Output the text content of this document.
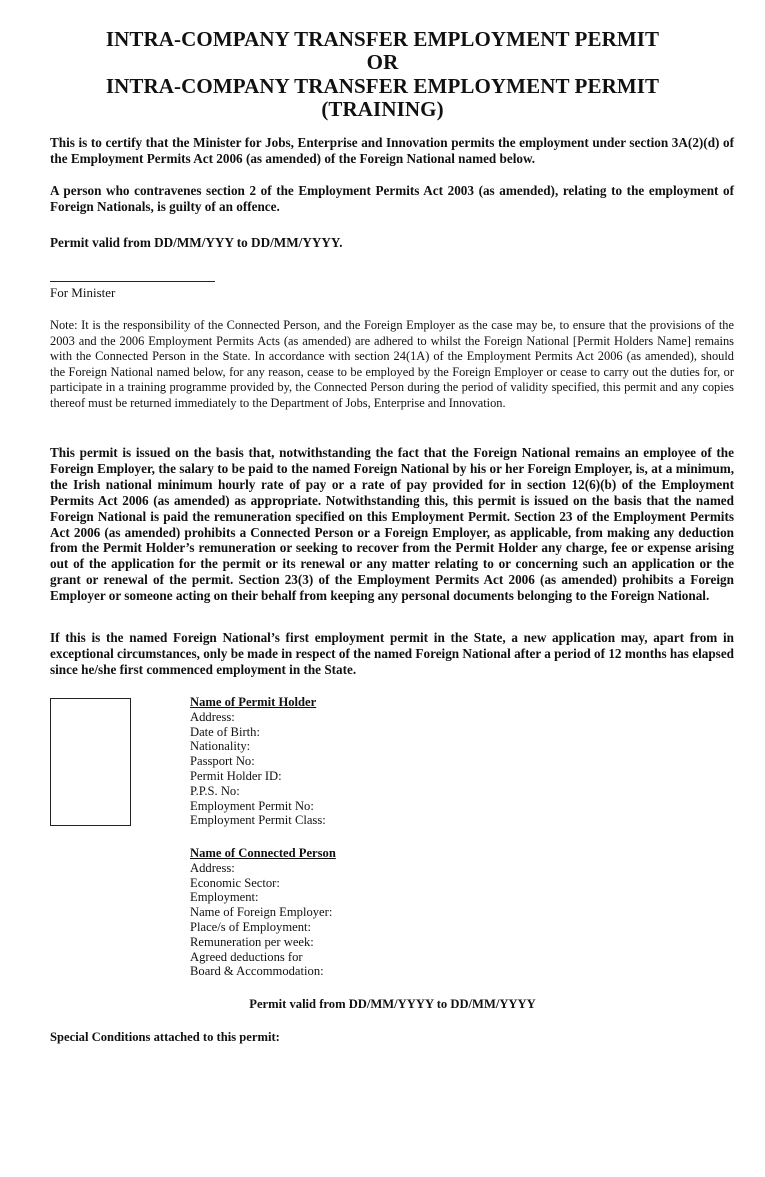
INTRA-COMPANY TRANSFER EMPLOYMENT PERMIT
OR
INTRA-COMPANY TRANSFER EMPLOYMENT PERMIT
(TRAINING)
This is to certify that the Minister for Jobs, Enterprise and Innovation permits the employment under section 3A(2)(d) of the Employment Permits Act 2006 (as amended) of the Foreign National named below.
A person who contravenes section 2 of the Employment Permits Act 2003 (as amended), relating to the employment of Foreign Nationals, is guilty of an offence.
Permit valid from DD/MM/YYY to DD/MM/YYYY.
For Minister
Note: It is the responsibility of the Connected Person, and the Foreign Employer as the case may be, to ensure that the provisions of the 2003 and the 2006 Employment Permits Acts (as amended) are adhered to whilst the Foreign National [Permit Holders Name] remains with the Connected Person in the State. In accordance with section 24(1A) of the Employment Permits Act 2006 (as amended), should the Foreign National named below, for any reason, cease to be employed by the Foreign Employer or cease to carry out the duties for, or participate in a training programme provided by, the Connected Person during the period of validity specified, this permit and any copies thereof must be returned immediately to the Department of Jobs, Enterprise and Innovation.
This permit is issued on the basis that, notwithstanding the fact that the Foreign National remains an employee of the Foreign Employer, the salary to be paid to the named Foreign National by his or her Foreign Employer, is, at a minimum, the Irish national minimum hourly rate of pay or a rate of pay provided for in section 12(6)(b) of the Employment Permits Act 2006 (as amended) as appropriate. Notwithstanding this, this permit is issued on the basis that the named Foreign National is paid the remuneration specified on this Employment Permit. Section 23 of the Employment Permits Act 2006 (as amended) prohibits a Connected Person or a Foreign Employer, as applicable, from making any deduction from the Permit Holder’s remuneration or seeking to recover from the Permit Holder any charge, fee or expense arising out of the application for the permit or its renewal or any matter relating to or concerning such an application or the grant or renewal of the permit. Section 23(3) of the Employment Permits Act 2006 (as amended) prohibits a Foreign Employer or someone acting on their behalf from keeping any personal documents belonging to the Foreign National.
If this is the named Foreign National’s first employment permit in the State, a new application may, apart from in exceptional circumstances, only be made in respect of the named Foreign National after a period of 12 months has elapsed since he/she first commenced employment in the State.
Name of Permit Holder
Address:
Date of Birth:
Nationality:
Passport No:
Permit Holder ID:
P.P.S. No:
Employment Permit No:
Employment Permit Class:
Name of Connected Person
Address:
Economic Sector:
Employment:
Name of Foreign Employer:
Place/s of Employment:
Remuneration per week:
Agreed deductions for
Board & Accommodation:
Permit valid from DD/MM/YYYY to DD/MM/YYYY
Special Conditions attached to this permit:
